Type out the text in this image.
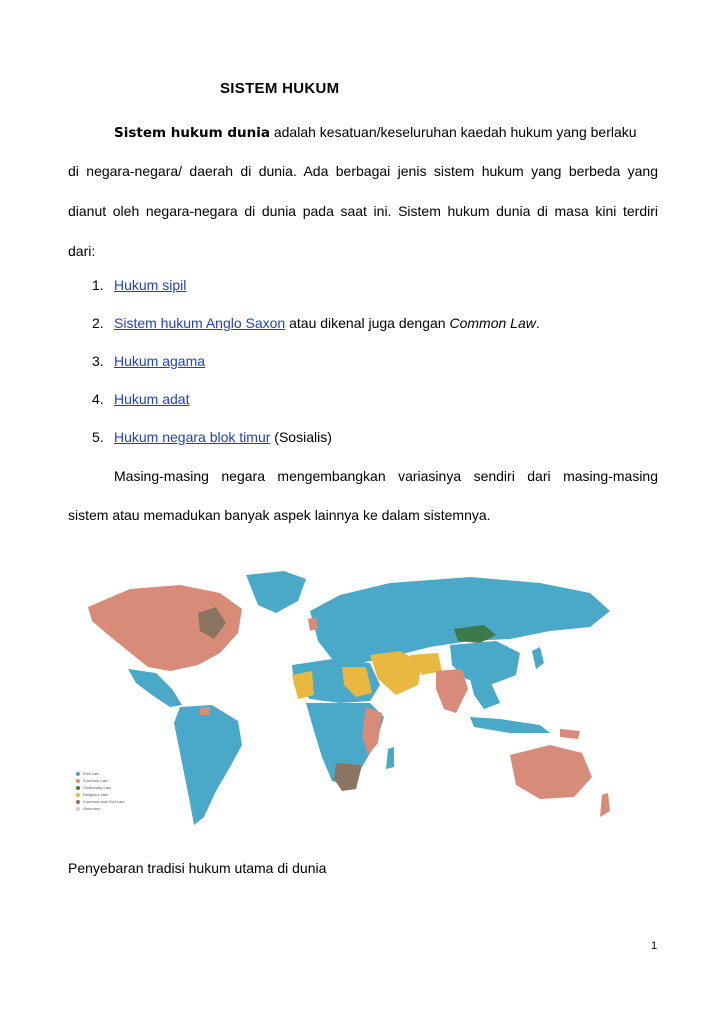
SISTEM HUKUM
Sistem hukum dunia adalah kesatuan/keseluruhan kaedah hukum yang berlaku
di negara-negara/ daerah di dunia. Ada berbagai jenis sistem hukum yang berbeda yang
dianut oleh negara-negara di dunia pada saat ini. Sistem hukum dunia di masa kini terdiri
dari:
1. Hukum sipil
2. Sistem hukum Anglo Saxon atau dikenal juga dengan Common Law.
3. Hukum agama
4. Hukum adat
5. Hukum negara blok timur (Sosialis)
Masing-masing negara mengembangkan variasinya sendiri dari masing-masing
sistem atau memadukan banyak aspek lainnya ke dalam sistemnya.
Civil Law
Common Law
Customary Law
Religious Law
Common and Civil Law
Unknown
Penyebaran tradisi hukum utama di dunia
1
